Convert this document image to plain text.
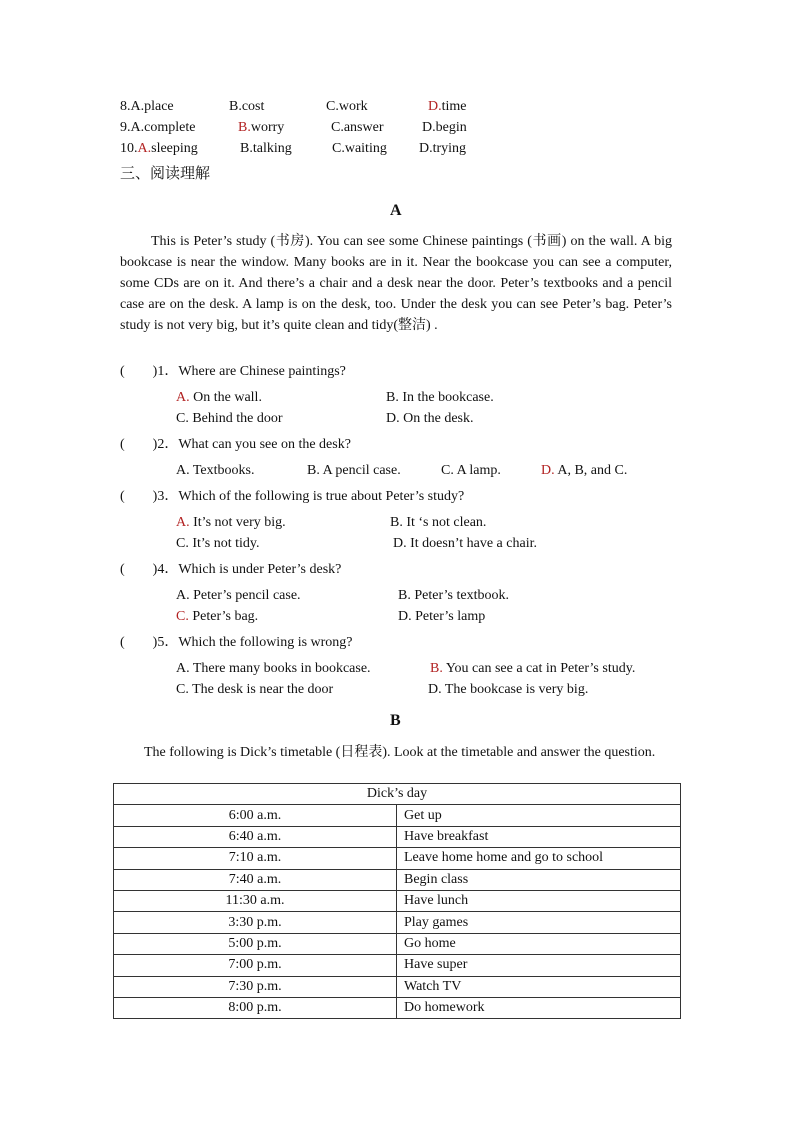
8.A.place	B.cost	C.work	D.time
9.A.complete	B.worry	C.answer	D.begin
10.A.sleeping	B.talking	C.waiting D.trying
三、阅读理解
A
This is Peter’s study (书房). You can see some Chinese paintings (书画) on the wall. A big bookcase is near the window. Many books are in it. Near the bookcase you can see a computer, some CDs are on it. And there’s a chair and a desk near the door. Peter’s textbooks and a pencil case are on the desk. A lamp is on the desk, too. Under the desk you can see Peter’s bag. Peter’s study is not very big, but it’s quite clean and tidy(整洁) .
(　　)1．Where are Chinese paintings?
A. On the wall.	B. In the bookcase.
C. Behind the door	D. On the desk.
(　　)2．What can you see on the desk?
A. Textbooks.	B. A pencil case.	C. A lamp.	D. A, B, and C.
(　　)3．Which of the following is true about Peter’s study?
A. It’s not very big.	B. It ‘s not clean.
C. It’s not tidy.	D. It doesn’t have a chair.
(　　)4．Which is under Peter’s desk?
A. Peter’s pencil case.	B. Peter’s textbook.
C. Peter’s bag.	D. Peter’s lamp
(　　)5．Which the following is wrong?
A. There many books in bookcase.	B. You can see a cat in Peter’s study.
C. The desk is near the door	D. The bookcase is very big.
B
The following is Dick’s timetable (日程表). Look at the timetable and answer the question.
Dick’s day	
6:00 a.m.	Get up
6:40 a.m.	Have breakfast
7:10 a.m.	Leave home home and go to school
7:40 a.m.	Begin class
11:30 a.m.	Have lunch
3:30 p.m.	Play games
5:00 p.m.	Go home
7:00 p.m.	Have super
7:30 p.m.	Watch TV
8:00 p.m.	Do homework
